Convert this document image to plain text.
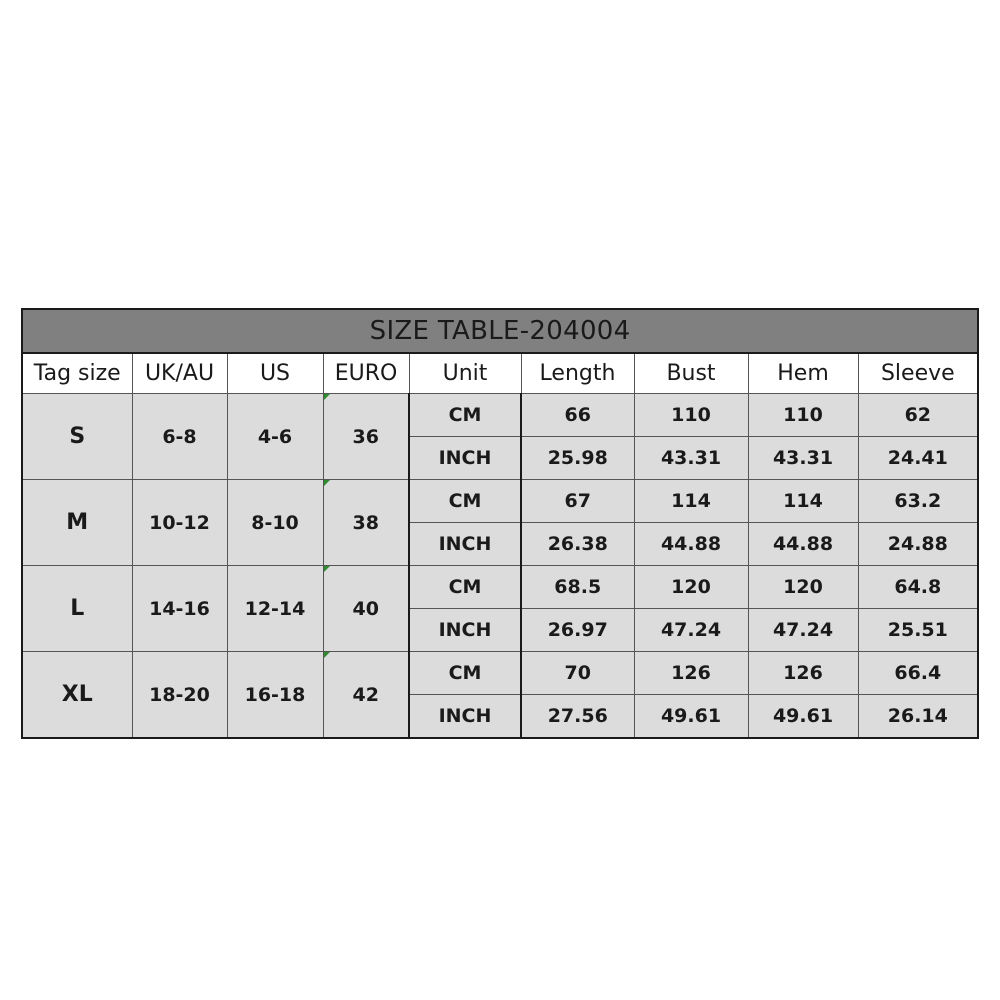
SIZE TABLE-204004								
Tag size	UK/AU	US	EURO	Unit	Length	Bust	Hem	Sleeve
S	6-8	4-6	36	CM	66	110	110	62
				INCH	25.98	43.31	43.31	24.41
M	10-12	8-10	38	CM	67	114	114	63.2
				INCH	26.38	44.88	44.88	24.88
L	14-16	12-14	40	CM	68.5	120	120	64.8
				INCH	26.97	47.24	47.24	25.51
XL	18-20	16-18	42	CM	70	126	126	66.4
				INCH	27.56	49.61	49.61	26.14
